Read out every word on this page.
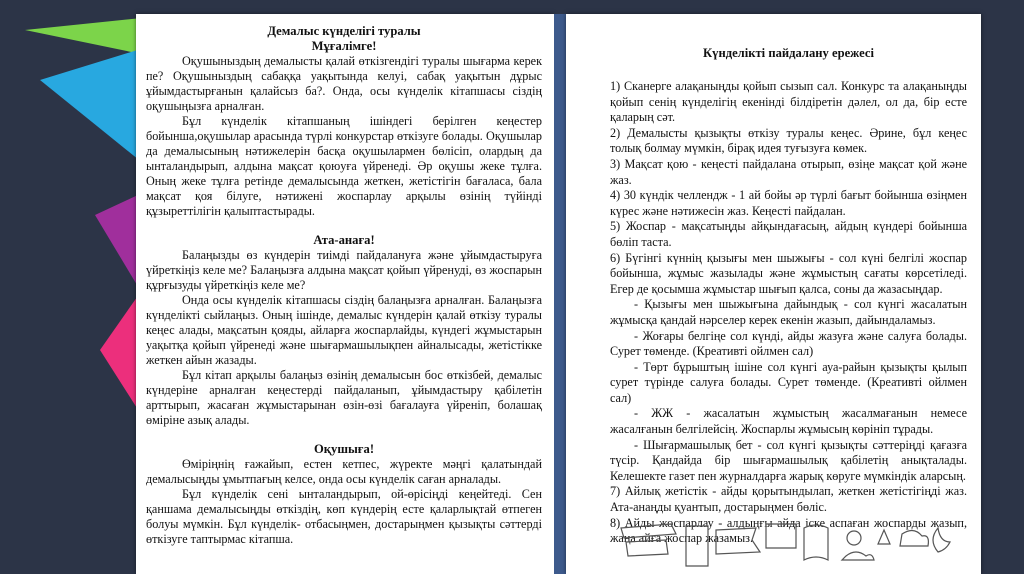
Демалыс күнделігі туралы
Мұғалімге!

Оқушыныздың демалысты қалай өткізгендігі туралы шығарма керек пе? Оқушыныздың сабаққа уақытында келуі, сабақ уақытын дұрыс ұйымдастырғанын қалайсыз ба?. Онда, осы күнделік кітапшасы сіздің оқушыңызға арналған.

Бұл күнделік кітапшаның ішіндегі берілген кеңестер бойынша,оқушылар арасында түрлі конкурстар өткізуге болады. Оқушылар да демалысының нәтижелерін басқа оқушылармен бөлісіп, олардың да ынталандырып, алдына мақсат қоюуға үйренеді. Әр оқушы жеке тұлға. Оның жеке тұлға ретінде демалысында жеткен, жетістігін бағаласа, бала мақсат қоя білуге, нәтижені жоспарлау арқылы өзінің түйінді құзыреттілігін қалыптастырады.

Ата-анаға!

Балаңызды өз күндерін тиімді пайдалануға және ұйымдастыруға үйреткіңіз келе ме? Балаңызға алдына мақсат қойып үйренуді, өз жоспарын құрғызуды үйреткіңіз келе ме?

Онда осы күнделік кітапшасы сіздің балаңызға арналған. Балаңызға күнделікті сыйлаңыз. Оның ішінде, демалыс күндерін қалай өткізу туралы кеңес алады, мақсатын қояды, айларға жоспарлайды, күндегі жұмыстарын уақытқа қойып үйренеді және шығармашылықпен айналысады, жетістікке жеткен айын жазады.

Бұл кітап арқылы балаңыз өзінің демалысын бос өткізбей, демалыс күндеріне арналған кеңестерді пайдаланып, ұйымдастыру қабілетін арттырып, жасаған жұмыстарынан өзін-өзі бағалауға үйреніп, болашақ өміріне азық алады.

Оқушыға!

Өміріңнің ғажайып, естен кетпес, жүректе мәңгі қалатындай демалысыңды ұмытпағың келсе, онда осы күнделік саған арналады.

Бұл күнделік сені ынталандырып, ой-өрісіңді кеңейтеді. Сен қаншама демалысыңды өткіздің, көп күндерің есте қаларлықтай өтпеген болуы мүмкін. Бұл күнделік- отбасыңмен, достарыңмен қызықты сәттерді өткізуге таптырмас кітапша.

Күнделікті пайдалану ережесі

1) Сканерге алақаныңды қойып сызып сал. Конкурс та алақаныңды қойып сенің күнделігің екенінді білдіретін дәлел, ол да, бір есте қаларың сәт.

2) Демалысты қызықты өткізу туралы кеңес. Әрине, бұл кеңес толық болмау мүмкін, бірақ идея туғызуға көмек.

3) Мақсат қою - кеңесті пайдалана отырып, өзіңе мақсат қой және жаз.

4) 30 күндік челлендж - 1 ай бойы әр түрлі бағыт бойынша өзіңмен күрес және нәтижесін жаз. Кеңесті пайдалан.

5) Жоспар - мақсатыңды айқындағасың, айдың күндері бойынша бөліп таста.

6) Бүгінгі күннің қызығы мен шыжығы - сол күні белгілі жоспар бойынша, жұмыс жазылады және жұмыстың сағаты көрсетіледі. Егер де қосымша жұмыстар шығып қалса, соны да жазасыңдар.

- Қызығы мен шыжығына дайындық - сол күнгі жасалатын жұмысқа қандай нәрселер керек екенін жазып, дайындаламыз.

- Жоғары белгіңе сол күнді, айды жазуға және салуға болады. Сурет төменде. (Креативті ойлмен сал)

- Төрт бұрыштың ішіне сол күнгі ауа-райын қызықты қылып сурет түрінде салуға болады. Сурет төменде. (Креативті ойлмен сал)

- ЖЖ - жасалатын жұмыстың жасалмағанын немесе жасалғанын белгілейсің. Жоспарлы жұмысың көрініп тұрады.

- Шығармашылық бет - сол күнгі қызықты сәттеріңді қағазға түсір. Қандайда бір шығармашылық қабілетің анықталады. Келешекте газет пен журналдарға жарық көруге мүмкіндік аларсың.

7) Айлық жетістік - айды қорытындылап, жеткен жетістігіңді жаз. Ата-анаңды қуантып, достарыңмен бөліс.

8) Айды жоспарлау - алдыңғы айда іске аспаған жоспарды жазып, жаңа айға жоспар жазамыз.
